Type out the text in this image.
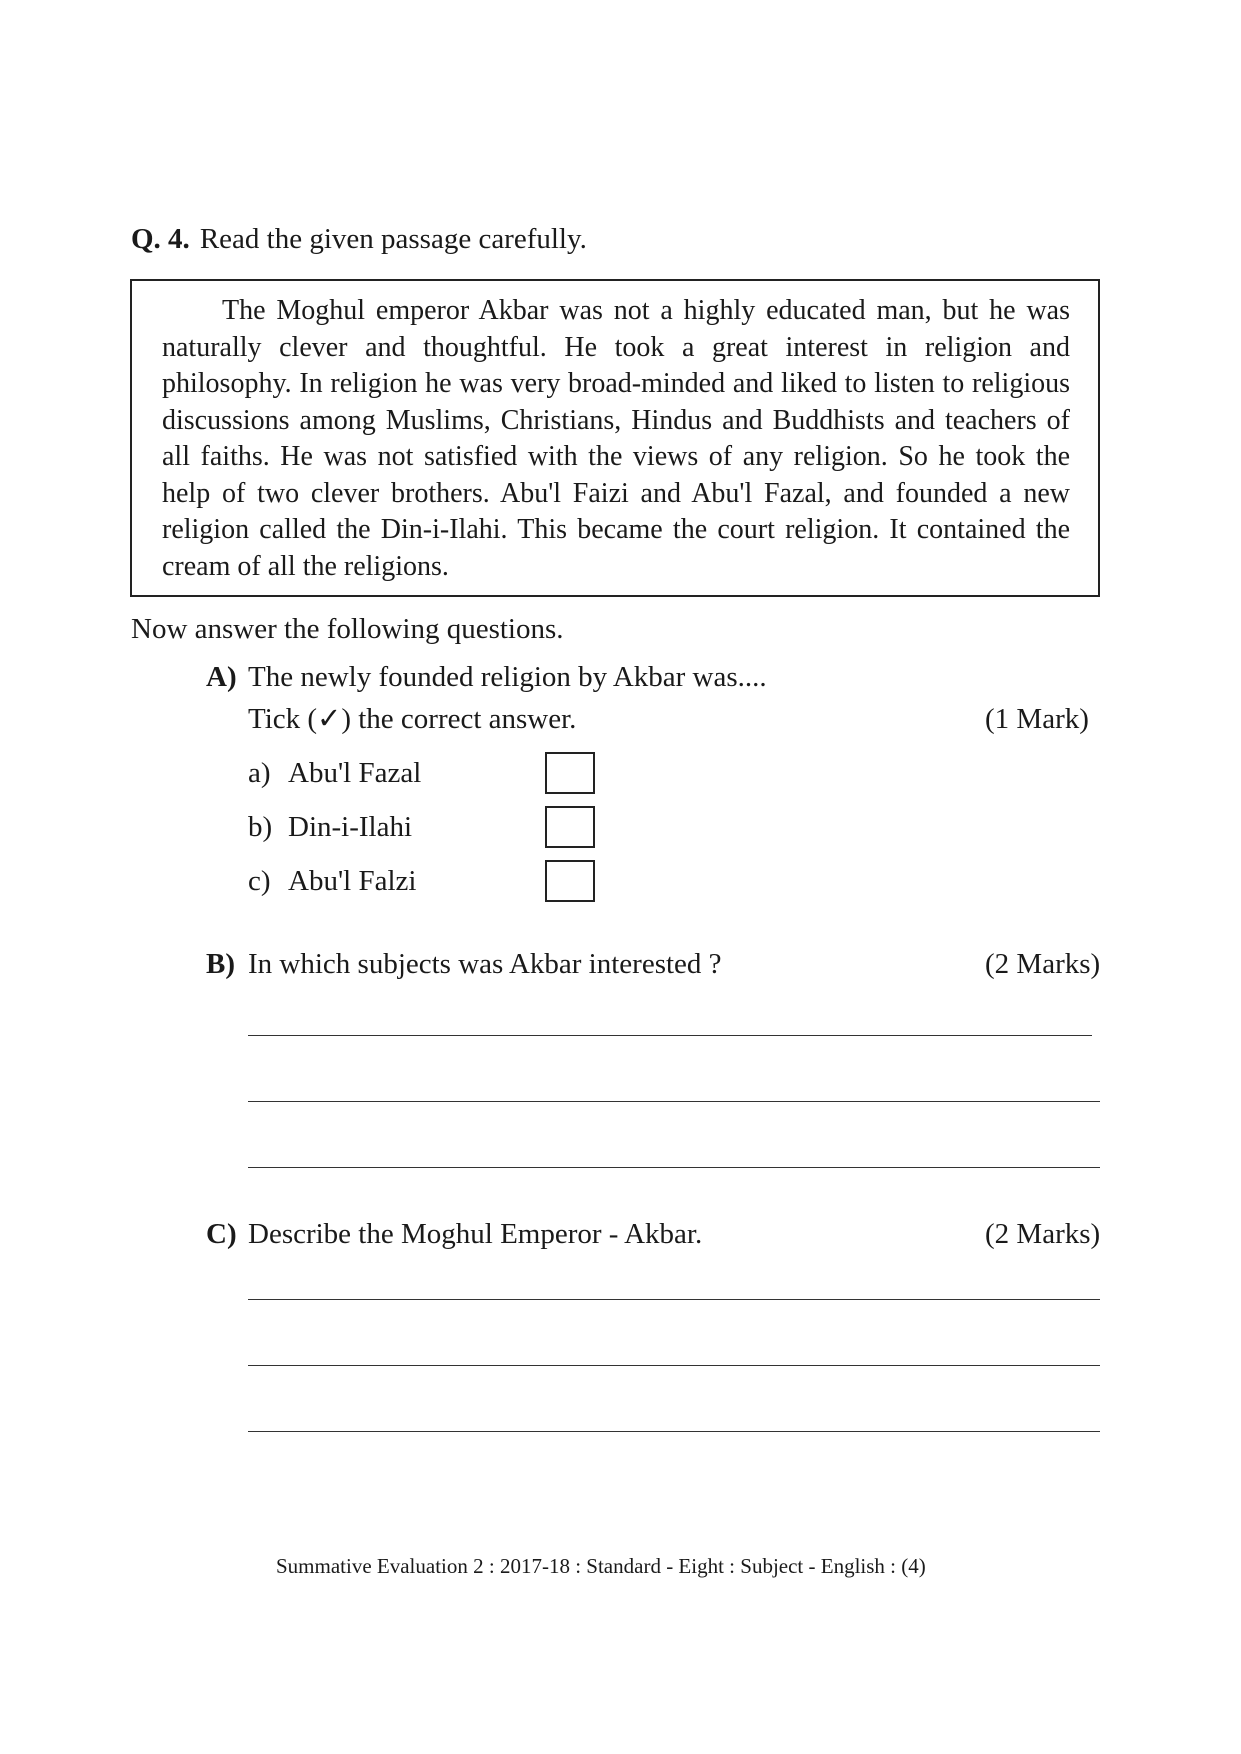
Q. 4. Read the given passage carefully.

The Moghul emperor Akbar was not a highly educated man, but he was naturally clever and thoughtful. He took a great interest in religion and philosophy. In religion he was very broad-minded and liked to listen to religious discussions among Muslims, Christians, Hindus and Buddhists and teachers of all faiths. He was not satisfied with the views of any religion. So he took the help of two clever brothers. Abu'l Faizi and Abu'l Fazal, and founded a new religion called the Din-i-Ilahi. This became the court religion. It contained the cream of all the religions.

Now answer the following questions.
A) The newly founded religion by Akbar was....
Tick (✓) the correct answer.	(1 Mark)
a) Abu'l Fazal
b) Din-i-Ilahi
c) Abu'l Falzi
B) In which subjects was Akbar interested ?	(2 Marks)
C) Describe the Moghul Emperor - Akbar.	(2 Marks)
Summative Evaluation 2 : 2017-18 : Standard - Eight : Subject - English : (4)
